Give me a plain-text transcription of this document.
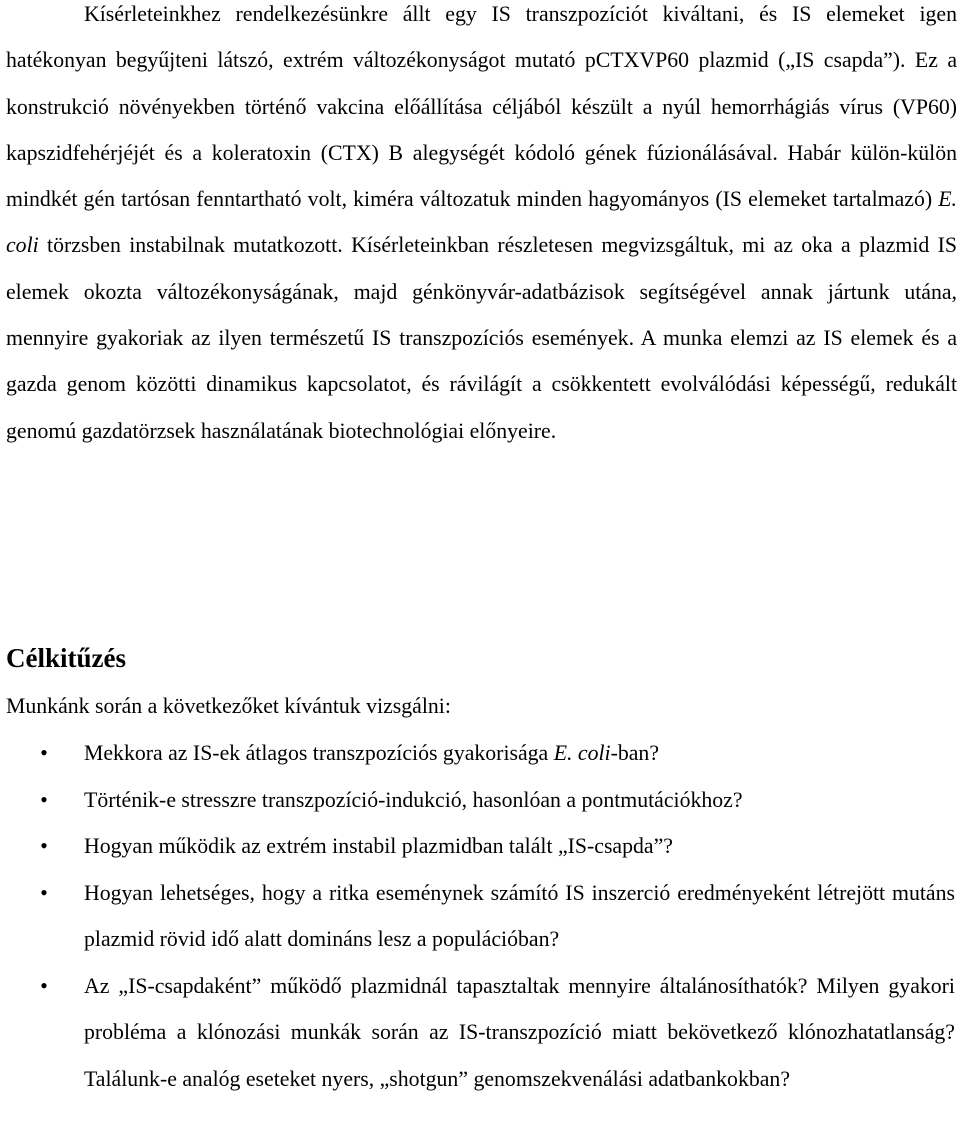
Kísérleteinkhez rendelkezésünkre állt egy IS transzpozíciót kiváltani, és IS elemeket igen hatékonyan begyűjteni látszó, extrém változékonyságot mutató pCTXVP60 plazmid („IS csapda”). Ez a konstrukció növényekben történő vakcina előállítása céljából készült a nyúl hemorrhágiás vírus (VP60) kapszidfehérjéjét és a koleratoxin (CTX) B alegységét kódoló gének fúzionálásával. Habár külön-külön mindkét gén tartósan fenntartható volt, kiméra változatuk minden hagyományos (IS elemeket tartalmazó) E. coli törzsben instabilnak mutatkozott. Kísérleteinkban részletesen megvizsgáltuk, mi az oka a plazmid IS elemek okozta változékonyságának, majd génkönyvár-adatbázisok segítségével annak jártunk utána, mennyire gyakoriak az ilyen természetű IS transzpozíciós események. A munka elemzi az IS elemek és a gazda genom közötti dinamikus kapcsolatot, és rávilágít a csökkentett evolválódási képességű, redukált genomú gazdatörzsek használatának biotechnológiai előnyeire.

Célkitűzés

Munkánk során a következőket kívántuk vizsgálni:

• Mekkora az IS-ek átlagos transzpozíciós gyakorisága E. coli-ban?
• Történik-e stresszre transzpozíció-indukció, hasonlóan a pontmutációkhoz?
• Hogyan működik az extrém instabil plazmidban talált „IS-csapda”?
• Hogyan lehetséges, hogy a ritka eseménynek számító IS inszerció eredményeként létrejött mutáns plazmid rövid idő alatt domináns lesz a populációban?
• Az „IS-csapdaként” működő plazmidnál tapasztaltak mennyire általánosíthatók? Milyen gyakori probléma a klónozási munkák során az IS-transzpozíció miatt bekövetkező klónozhatatlanság? Találunk-e analóg eseteket nyers, „shotgun” genomszekvenálási adatbankokban?
